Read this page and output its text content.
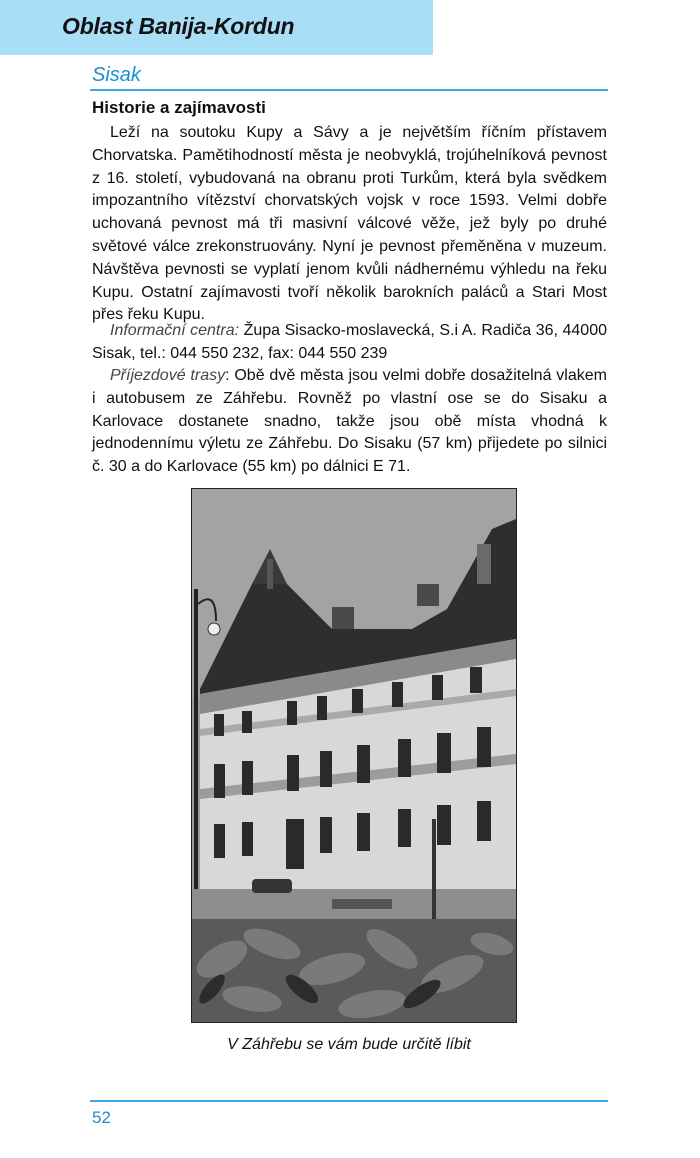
Oblast Banija-Kordun
Sisak
Historie a zajímavosti

Leží na soutoku Kupy a Sávy a je největším říčním přístavem Chorvatska. Pamětihodností města je neobvyklá, trojúhelníková pevnost z 16. století, vybudovaná na obranu proti Turkům, která byla svědkem impozantního vítězství chorvatských vojsk v roce 1593. Velmi dobře uchovaná pevnost má tři masivní válcové věže, jež byly po druhé světové válce zrekonstruovány. Nyní je pevnost přeměněna v muzeum. Návštěva pevnosti se vyplatí jenom kvůli nádhernému výhledu na řeku Kupu. Ostatní zajímavosti tvoří několik barokních paláců a Stari Most přes řeku Kupu.

Informační centra: Župa Sisacko-moslavecká, S.i A. Radiča 36, 44000 Sisak, tel.: 044 550 232, fax: 044 550 239

Příjezdové trasy: Obě dvě města jsou velmi dobře dosažitelná vlakem i autobusem ze Záhřebu. Rovněž po vlastní ose se do Sisaku a Karlovace dostanete snadno, takže jsou obě místa vhodná k jednodennímu výletu ze Záhřebu. Do Sisaku (57 km) přijedete po silnici č. 30 a do Karlovace (55 km) po dálnici E 71.

V Záhřebu se vám bude určitě líbit
52
